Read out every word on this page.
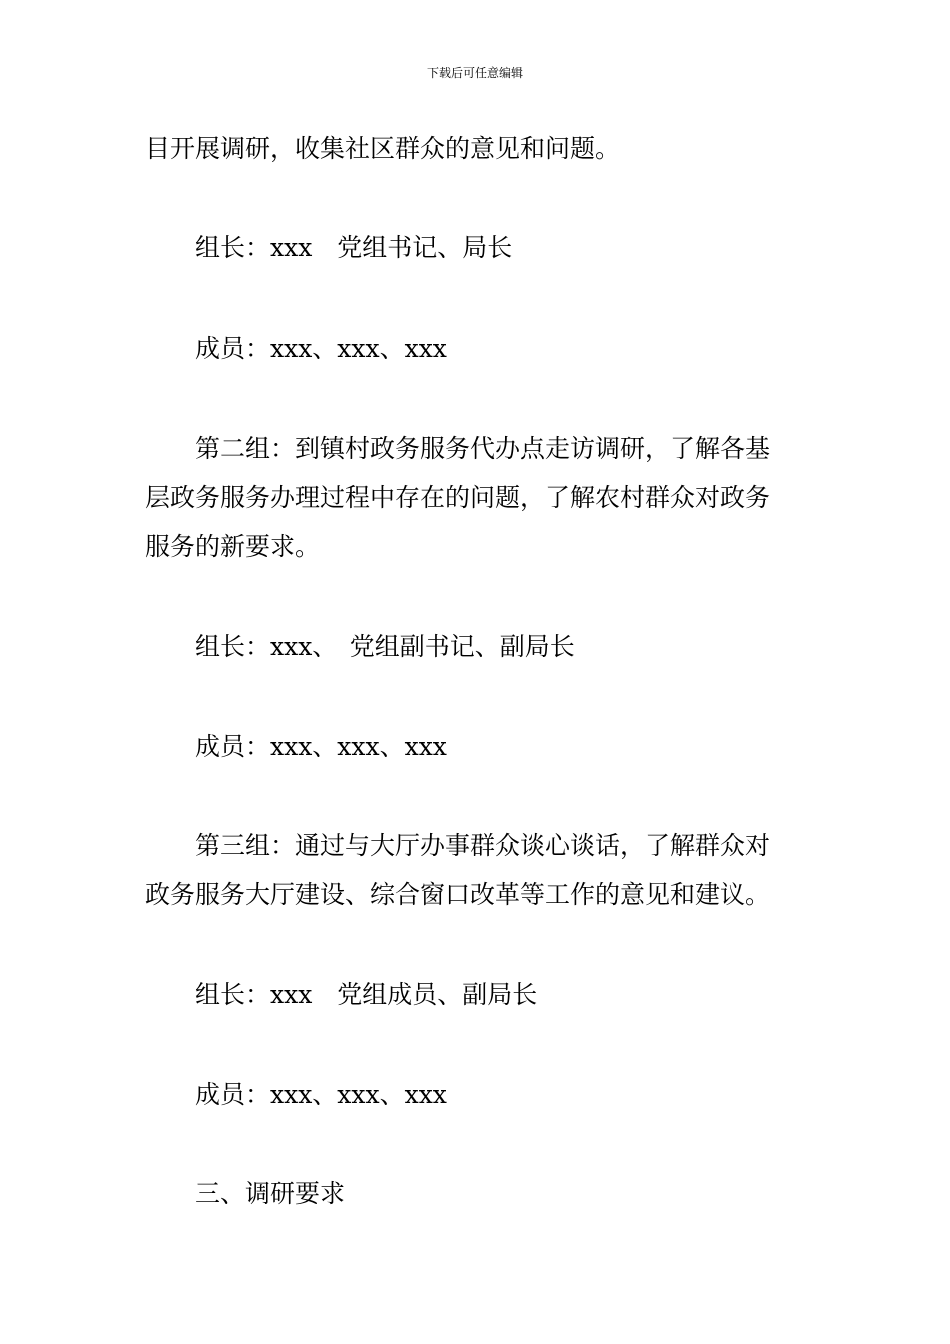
下载后可任意编辑
目开展调研，收集社区群众的意见和问题。
组长：xxx　党组书记、局长
成员：xxx、xxx、xxx
第二组：到镇村政务服务代办点走访调研，了解各基
层政务服务办理过程中存在的问题，了解农村群众对政务
服务的新要求。
组长：xxx、　党组副书记、副局长
成员：xxx、xxx、xxx
第三组：通过与大厅办事群众谈心谈话，了解群众对
政务服务大厅建设、综合窗口改革等工作的意见和建议。
组长：xxx　党组成员、副局长
成员：xxx、xxx、xxx
三、调研要求
